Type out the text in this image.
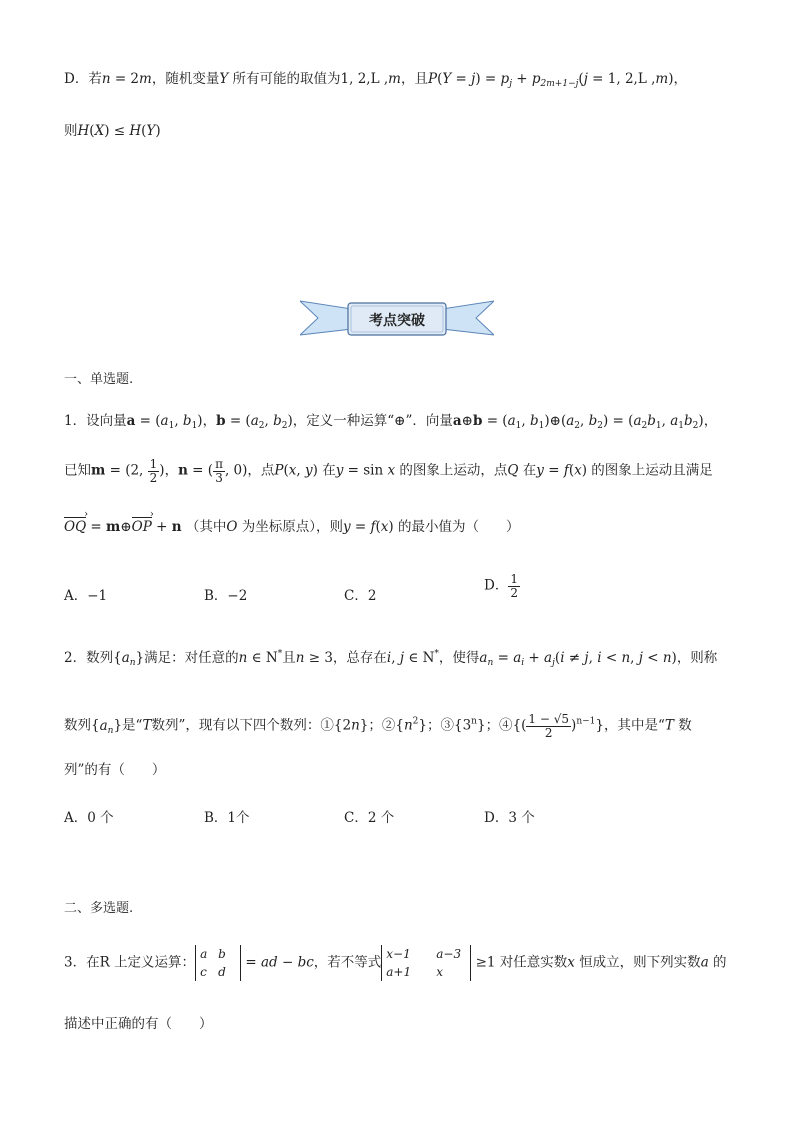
D．若n = 2m，随机变量Y 所有可能的取值为1, 2,L ,m，且$P(Y = j) = p_j + p_{2m+1-j}(j = 1$, 2,L ,m)，
则H(X) ≤ H(Y)
考点突破
一、单选题.
1．设向量$a = (a_1$, $b_1$)，$b = (a_2$, $b_2$)，定义一种运算“⊕”．向量a⊕b = ($a_1$, $b_1)\oplus(a_2$, $b_2) = (a_2b_1$, $a_1b_2$)，
已知m = (2, $\frac{1}{2}$ )，n = ( $\frac{\pi}{3}$ , 0)，点P(x, y) 在y = sin x 的图象上运动，点Q 在y = f(x) 的图象上运动且满足
OQ › = m⊕OP › + n （其中O 为坐标原点），则y = f(x) 的最小值为（　　）
A．−1	B．−2	C．2
D． $\frac{1}{2}$
2．数列$\{a_n\}$满足：对任意的n ∈ N*且n ≥ 3，总存在i, j ∈ N*，使得$a_n = a_i + a_j(i \ne j$, i < n, j < n)，则称
数列$\{a_n\}$是“T数列”，现有以下四个数列：①{2n}；$②\{n^2\}$；③{3$^n$}；④{( $\frac{1 - √5}{2} )^{n-1}$}，其中是“T 数
列”的有（　　）
A．0 个	B．1个	C．2 个	D．3 个
二、多选题.
3．在R 上定义运算：a b
c d = ad − bc，若不等式x−1 a−3
a+1 x ≥1 对任意实数x 恒成立，则下列实数a 的
描述中正确的有（　　）
